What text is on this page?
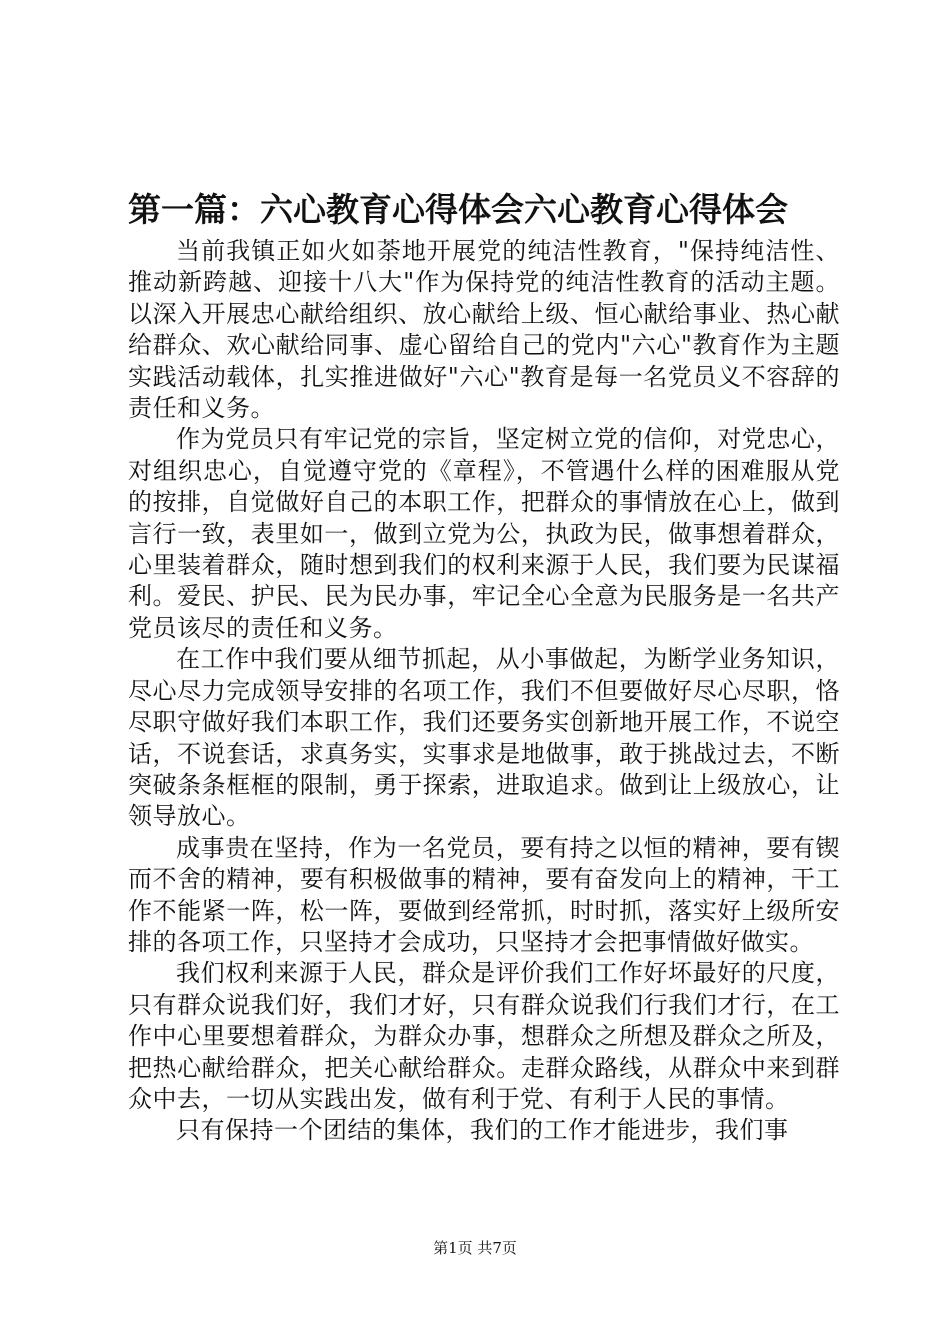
第一篇：六心教育心得体会六心教育心得体会

当前我镇正如火如荼地开展党的纯洁性教育，"保持纯洁性、推动新跨越、迎接十八大"作为保持党的纯洁性教育的活动主题。以深入开展忠心献给组织、放心献给上级、恒心献给事业、热心献给群众、欢心献给同事、虚心留给自己的党内"六心"教育作为主题实践活动载体，扎实推进做好"六心"教育是每一名党员义不容辞的责任和义务。

作为党员只有牢记党的宗旨，坚定树立党的信仰，对党忠心，对组织忠心，自觉遵守党的《章程》，不管遇什么样的困难服从党的按排，自觉做好自己的本职工作，把群众的事情放在心上，做到言行一致，表里如一，做到立党为公，执政为民，做事想着群众，心里装着群众，随时想到我们的权利来源于人民，我们要为民谋福利。爱民、护民、民为民办事，牢记全心全意为民服务是一名共产党员该尽的责任和义务。

在工作中我们要从细节抓起，从小事做起，为断学业务知识，尽心尽力完成领导安排的名项工作，我们不但要做好尽心尽职，恪尽职守做好我们本职工作，我们还要务实创新地开展工作，不说空话，不说套话，求真务实，实事求是地做事，敢于挑战过去，不断突破条条框框的限制，勇于探索，进取追求。做到让上级放心，让领导放心。

成事贵在坚持，作为一名党员，要有持之以恒的精神，要有锲而不舍的精神，要有积极做事的精神，要有奋发向上的精神，干工作不能紧一阵，松一阵，要做到经常抓，时时抓，落实好上级所安排的各项工作，只坚持才会成功，只坚持才会把事情做好做实。

我们权利来源于人民，群众是评价我们工作好坏最好的尺度，只有群众说我们好，我们才好，只有群众说我们行我们才行，在工作中心里要想着群众，为群众办事，想群众之所想及群众之所及，把热心献给群众，把关心献给群众。走群众路线，从群众中来到群众中去，一切从实践出发，做有利于党、有利于人民的事情。

只有保持一个团结的集体，我们的工作才能进步，我们事

第1页 共7页
